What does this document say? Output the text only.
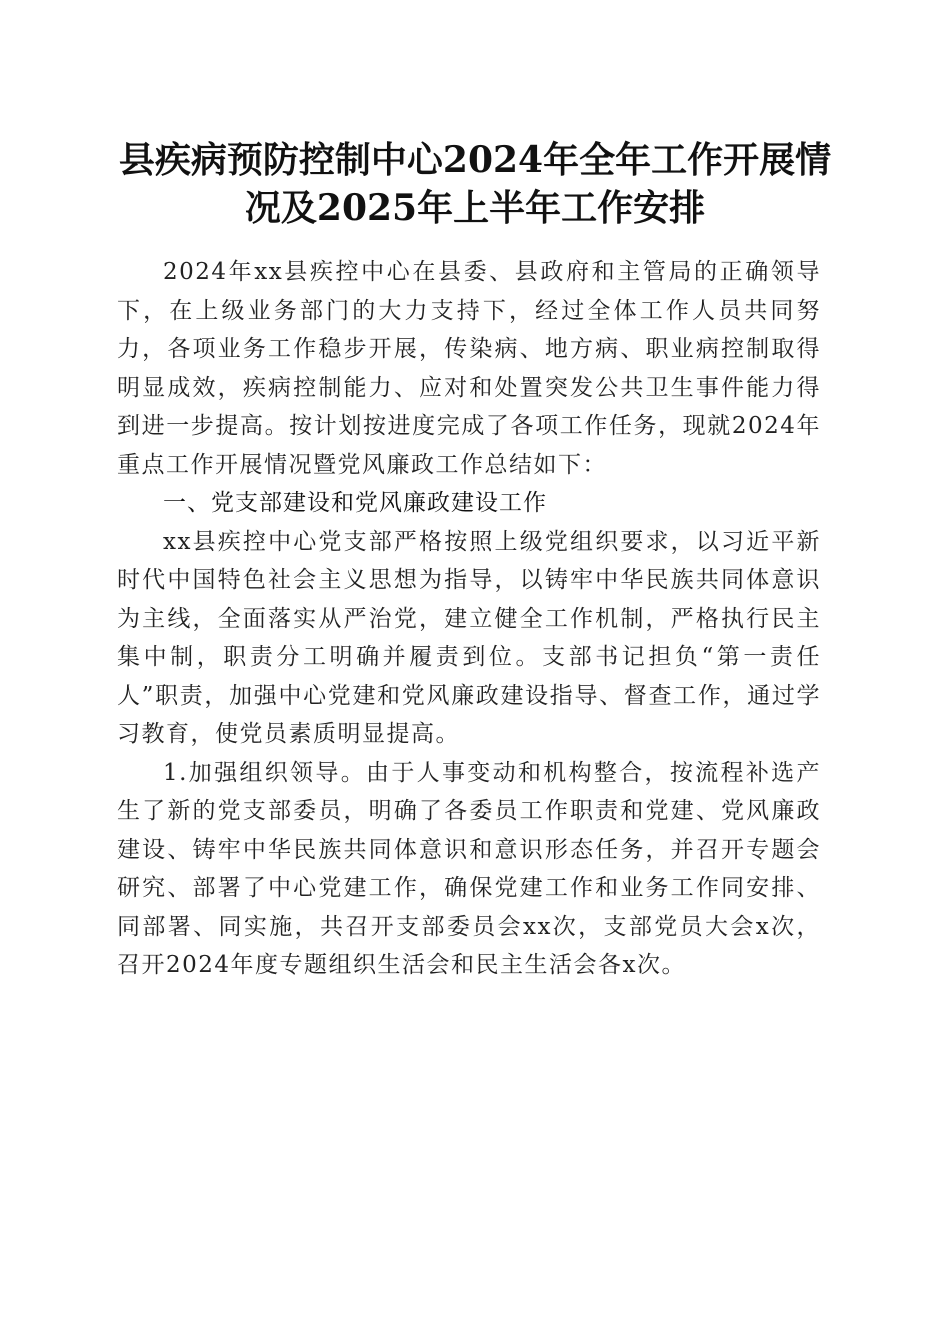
县疾病预防控制中心2024年全年工作开展情
况及2025年上半年工作安排

2024年xx县疾控中心在县委、县政府和主管局的正确领导下，在上级业务部门的大力支持下，经过全体工作人员共同努力，各项业务工作稳步开展，传染病、地方病、职业病控制取得明显成效，疾病控制能力、应对和处置突发公共卫生事件能力得到进一步提高。按计划按进度完成了各项工作任务，现就2024年重点工作开展情况暨党风廉政工作总结如下：

一、党支部建设和党风廉政建设工作

xx县疾控中心党支部严格按照上级党组织要求，以习近平新时代中国特色社会主义思想为指导，以铸牢中华民族共同体意识为主线，全面落实从严治党，建立健全工作机制，严格执行民主集中制，职责分工明确并履责到位。支部书记担负“第一责任人”职责，加强中心党建和党风廉政建设指导、督查工作，通过学习教育，使党员素质明显提高。

1.加强组织领导。由于人事变动和机构整合，按流程补选产生了新的党支部委员，明确了各委员工作职责和党建、党风廉政建设、铸牢中华民族共同体意识和意识形态任务，并召开专题会研究、部署了中心党建工作，确保党建工作和业务工作同安排、同部署、同实施，共召开支部委员会xx次，支部党员大会x次，召开2024年度专题组织生活会和民主生活会各x次。
